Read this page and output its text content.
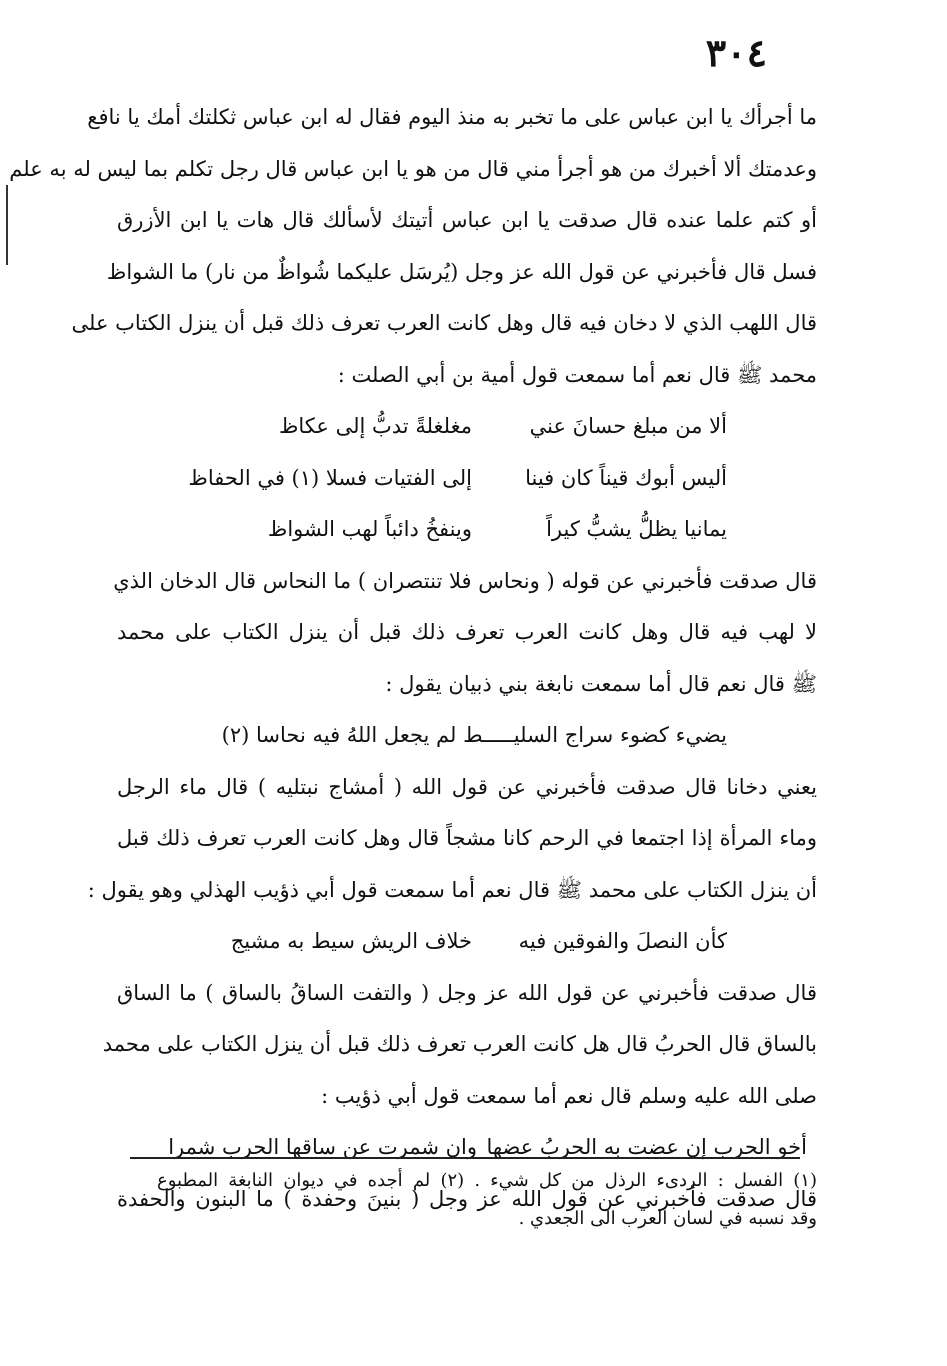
٣٠٤
ما أجرأك يا ابن عباس على ما تخبر به منذ اليوم فقال له ابن عباس ثكلتك أمك يا نافع
وعدمتك ألا أخبرك من هو أجرأ مني قال من هو يا ابن عباس قال رجل تكلم بما ليس له به علم
أو كتم علما عنده قال صدقت يا ابن عباس أتيتك لأسألك قال هات يا ابن الأزرق
فسل قال فأخبرني عن قول الله عز وجل (يُرسَل عليكما شُواظٌ من نار) ما الشواظ
قال اللهب الذي لا دخان فيه قال وهل كانت العرب تعرف ذلك قبل أن ينزل الكتاب على
محمد ﷺ قال نعم أما سمعت قول أمية بن أبي الصلت :
ألا من مبلغ حسانَ عني
مغلغلةً تدبُّ إلى عكاظ
أليس أبوك قيناً كان فينا
إلى الفتيات فسلا (١) في الحفاظ
يمانيا يظلُّ يشبُّ كيراً
وينفخُ دائباً لهب الشواظ
قال صدقت فأخبرني عن قوله ( ونحاس فلا تنتصران ) ما النحاس قال الدخان الذي
لا لهب فيه قال وهل كانت العرب تعرف ذلك قبل أن ينزل الكتاب على محمد
ﷺ قال نعم قال أما سمعت نابغة بني ذبيان يقول :
يضيء كضوء سراج السليـــــط لم يجعل اللهُ فيه نحاسا (٢)
يعني دخانا قال صدقت فأخبرني عن قول الله ( أمشاج نبتليه ) قال ماء الرجل
وماء المرأة إذا اجتمعا في الرحم كانا مشجاً قال وهل كانت العرب تعرف ذلك قبل
أن ينزل الكتاب على محمد ﷺ قال نعم أما سمعت قول أبي ذؤيب الهذلي وهو يقول :
كأن النصلَ والفوقين فيه
خلاف الريش سيط به مشيج
قال صدقت فأخبرني عن قول الله عز وجل ( والتفت الساقُ بالساق ) ما الساق
بالساق قال الحربُ قال هل كانت العرب تعرف ذلك قبل أن ينزل الكتاب على محمد
صلى الله عليه وسلم قال نعم أما سمعت قول أبي ذؤيب :
أخو الحرب إن عضت به الحربُ عضها
وان شمرت عن ساقها الحرب شمرا
قال صدقت فأخبرني عن قول الله عز وجل ( بنينَ وحفدة ) ما البنون والحفدة
(١) الفسل : الردىء الرذل من كل شيء . (٢) لم أجده في ديوان النابغة المطبوع
وقد نسبه في لسان العرب الى الجعدي .
